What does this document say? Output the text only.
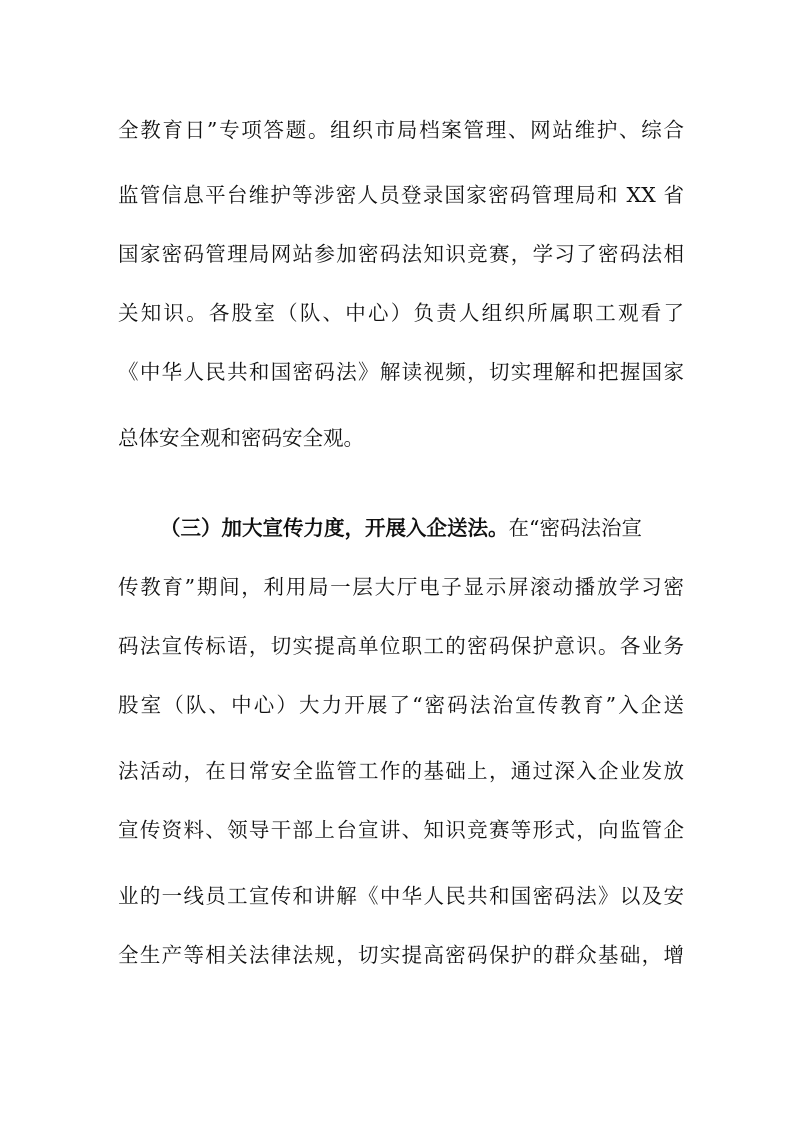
全教育日”专项答题。组织市局档案管理、网站维护、综合
监管信息平台维护等涉密人员登录国家密码管理局和 XX 省
国家密码管理局网站参加密码法知识竞赛，学习了密码法相
关知识。各股室（队、中心）负责人组织所属职工观看了
《中华人民共和国密码法》解读视频，切实理解和把握国家
总体安全观和密码安全观。
（三）加大宣传力度，开展入企送法。在“密码法治宣
传教育”期间，利用局一层大厅电子显示屏滚动播放学习密
码法宣传标语，切实提高单位职工的密码保护意识。各业务
股室（队、中心）大力开展了“密码法治宣传教育”入企送
法活动，在日常安全监管工作的基础上，通过深入企业发放
宣传资料、领导干部上台宣讲、知识竞赛等形式，向监管企
业的一线员工宣传和讲解《中华人民共和国密码法》以及安
全生产等相关法律法规，切实提高密码保护的群众基础，增
